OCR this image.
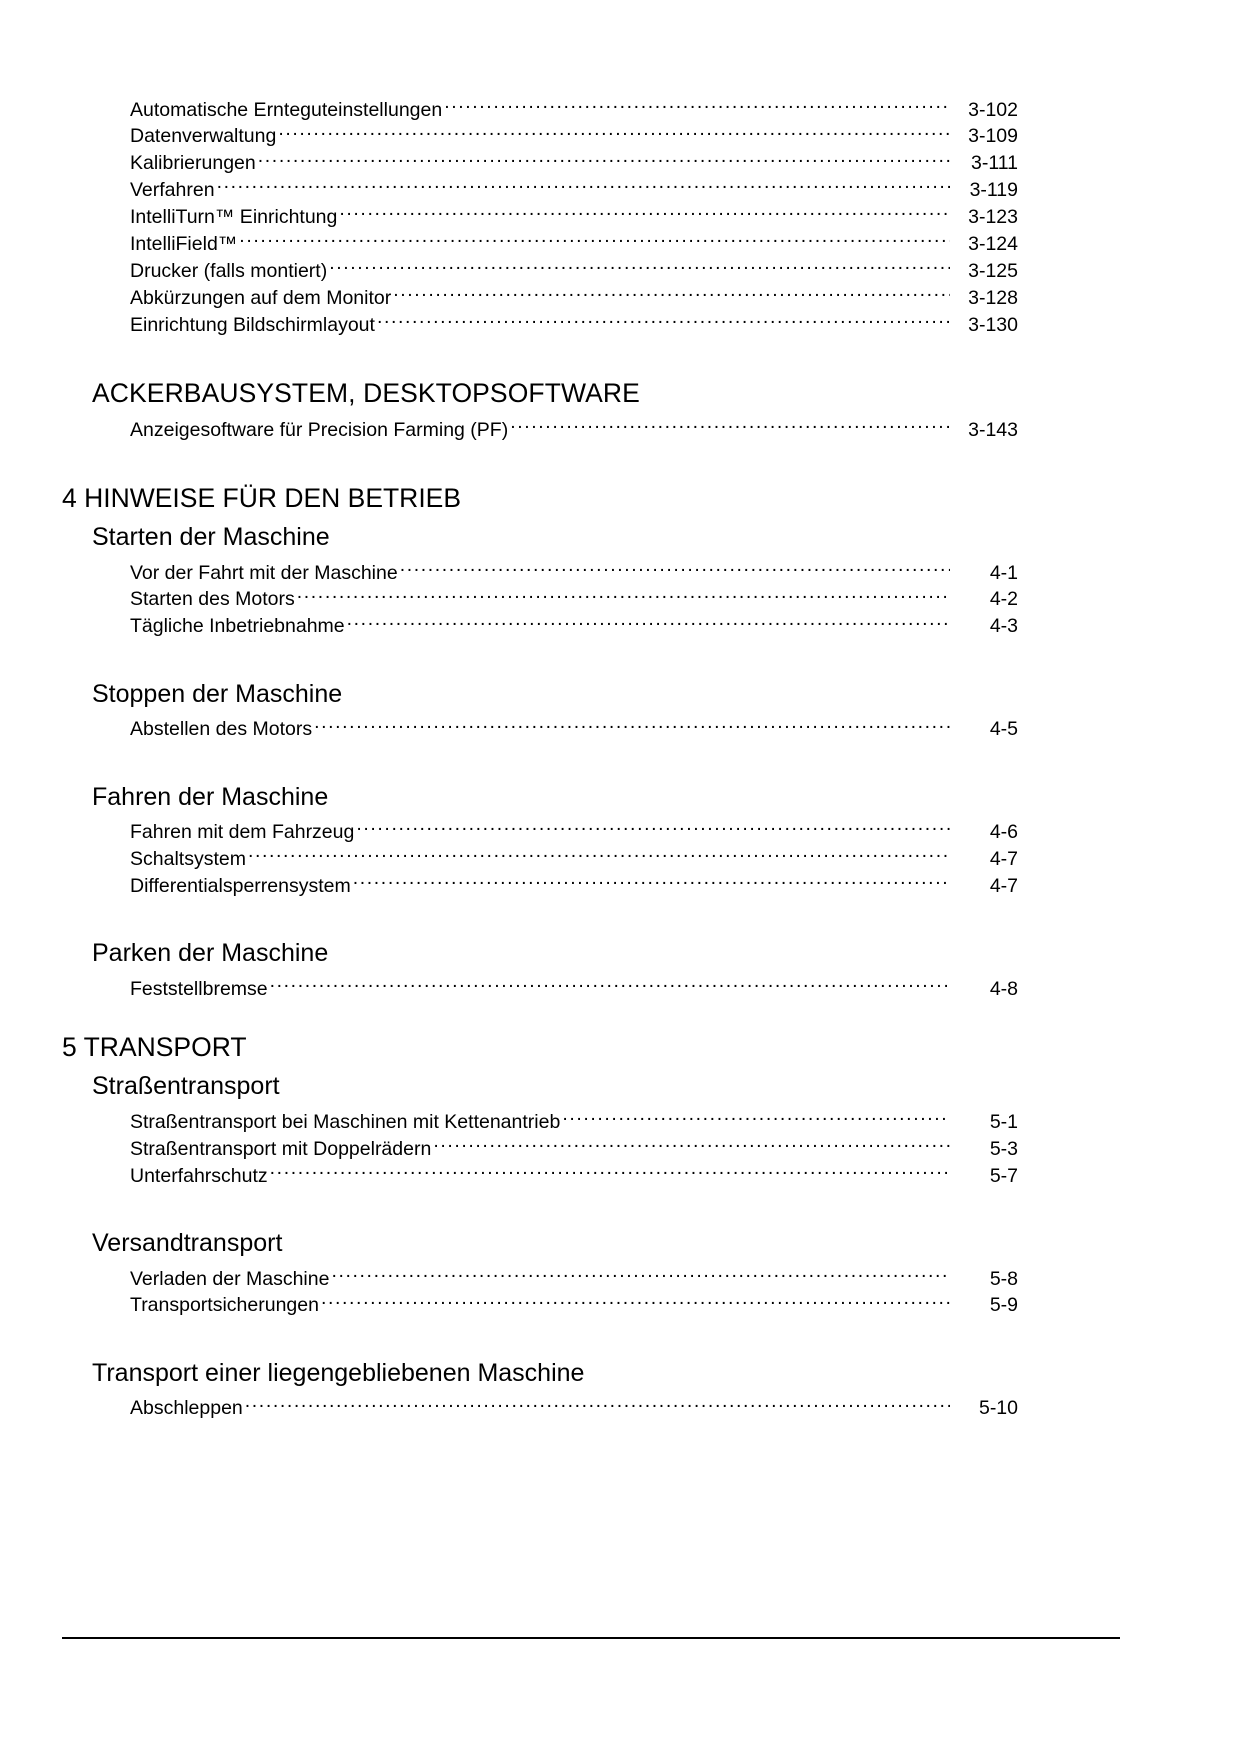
Automatische Ernteguteinstellungen .....	3-102
Datenverwaltung .....	3-109
Kalibrierungen .....	3-111
Verfahren .....	3-119
IntelliTurn™ Einrichtung .....	3-123
IntelliField™ .....	3-124
Drucker (falls montiert) .....	3-125
Abkürzungen auf dem Monitor .....	3-128
Einrichtung Bildschirmlayout .....	3-130
ACKERBAUSYSTEM, DESKTOPSOFTWARE
Anzeigesoftware für Precision Farming (PF) .....	3-143
4 HINWEISE FÜR DEN BETRIEB
Starten der Maschine
Vor der Fahrt mit der Maschine .....	4-1
Starten des Motors .....	4-2
Tägliche Inbetriebnahme .....	4-3
Stoppen der Maschine
Abstellen des Motors .....	4-5
Fahren der Maschine
Fahren mit dem Fahrzeug .....	4-6
Schaltsystem .....	4-7
Differentialsperrensystem .....	4-7
Parken der Maschine
Feststellbremse .....	4-8
5 TRANSPORT
Straßentransport
Straßentransport bei Maschinen mit Kettenantrieb .....	5-1
Straßentransport mit Doppelrädern .....	5-3
Unterfahrschutz .....	5-7
Versandtransport
Verladen der Maschine .....	5-8
Transportsicherungen .....	5-9
Transport einer liegengebliebenen Maschine
Abschleppen .....	5-10
